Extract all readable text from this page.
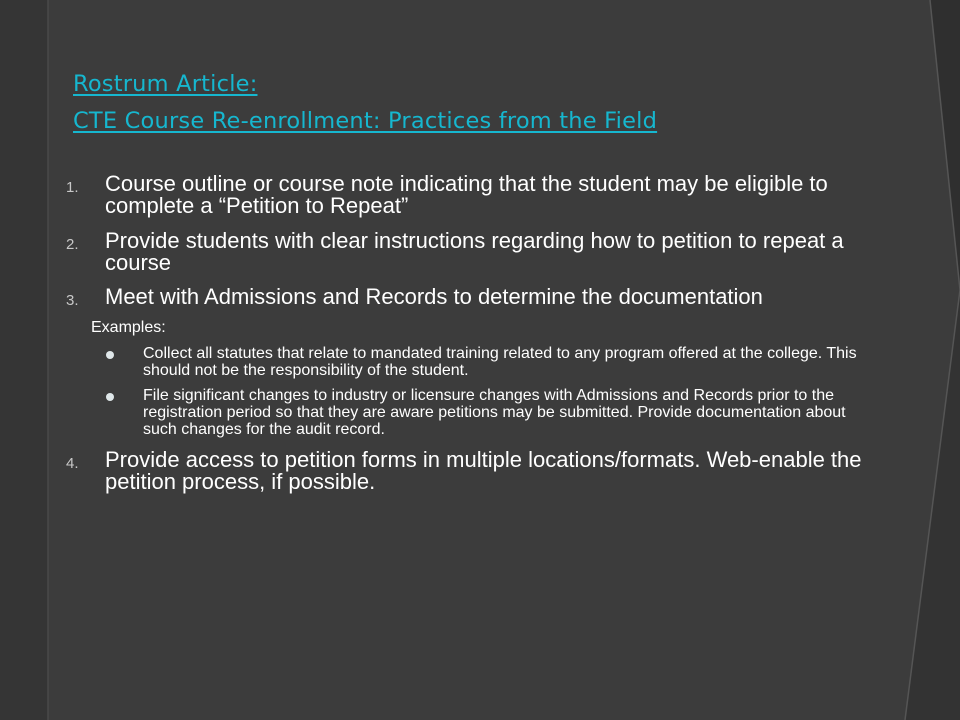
Rostrum Article:
CTE Course Re-enrollment: Practices from the Field
1.	Course outline or course note indicating that the student may be eligible to complete a “Petition to Repeat”
2.	Provide students with clear instructions regarding how to petition to repeat a course
3.	Meet with Admissions and Records to determine the documentation
Examples:
Collect all statutes that relate to mandated training related to any program offered at the college. This should not be the responsibility of the student.
File significant changes to industry or licensure changes with Admissions and Records prior to the registration period so that they are aware petitions may be submitted. Provide documentation about such changes for the audit record.
4.	Provide access to petition forms in multiple locations/formats. Web-enable the petition process, if possible.
